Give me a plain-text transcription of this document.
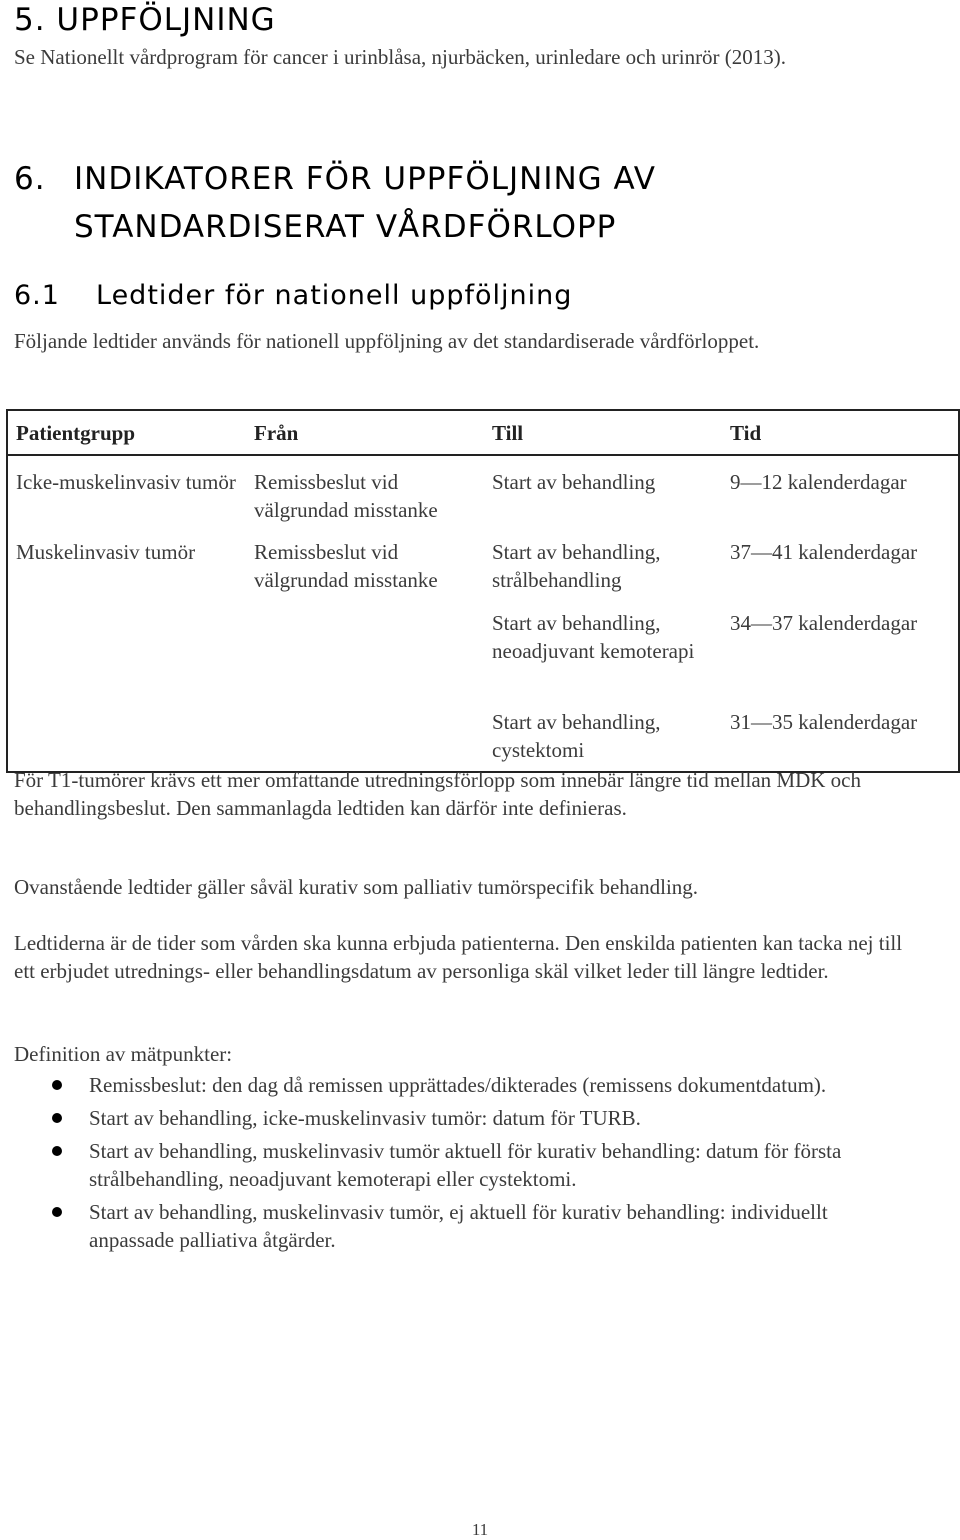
5. UPPFÖLJNING

Se Nationellt vårdprogram för cancer i urinblåsa, njurbäcken, urinledare och urinrör (2013).

6. INDIKATORER FÖR UPPFÖLJNING AV STANDARDISERAT VÅRDFÖRLOPP
6.1 Ledtider för nationell uppföljning

Följande ledtider används för nationell uppföljning av det standardiserade vårdförloppet.

Patientgrupp	Från	Till	Tid
Icke-muskelinvasiv tumör	Remissbeslut vid välgrundad misstanke	Start av behandling	9—12 kalenderdagar
Muskelinvasiv tumör	Remissbeslut vid välgrundad misstanke	Start av behandling, strålbehandling	37—41 kalenderdagar
		Start av behandling, neoadjuvant kemoterapi	34—37 kalenderdagar
		Start av behandling, cystektomi	31—35 kalenderdagar

För T1-tumörer krävs ett mer omfattande utredningsförlopp som innebär längre tid mellan MDK och behandlingsbeslut. Den sammanlagda ledtiden kan därför inte definieras.

Ovanstående ledtider gäller såväl kurativ som palliativ tumörspecifik behandling.

Ledtiderna är de tider som vården ska kunna erbjuda patienterna. Den enskilda patienten kan tacka nej till ett erbjudet utrednings- eller behandlingsdatum av personliga skäl vilket leder till längre ledtider.

Definition av mätpunkter:

Remissbeslut: den dag då remissen upprättades/dikterades (remissens dokumentdatum).
Start av behandling, icke-muskelinvasiv tumör: datum för TURB.
Start av behandling, muskelinvasiv tumör aktuell för kurativ behandling: datum för första strålbehandling, neoadjuvant kemoterapi eller cystektomi.
Start av behandling, muskelinvasiv tumör, ej aktuell för kurativ behandling: individuellt anpassade palliativa åtgärder.
11
